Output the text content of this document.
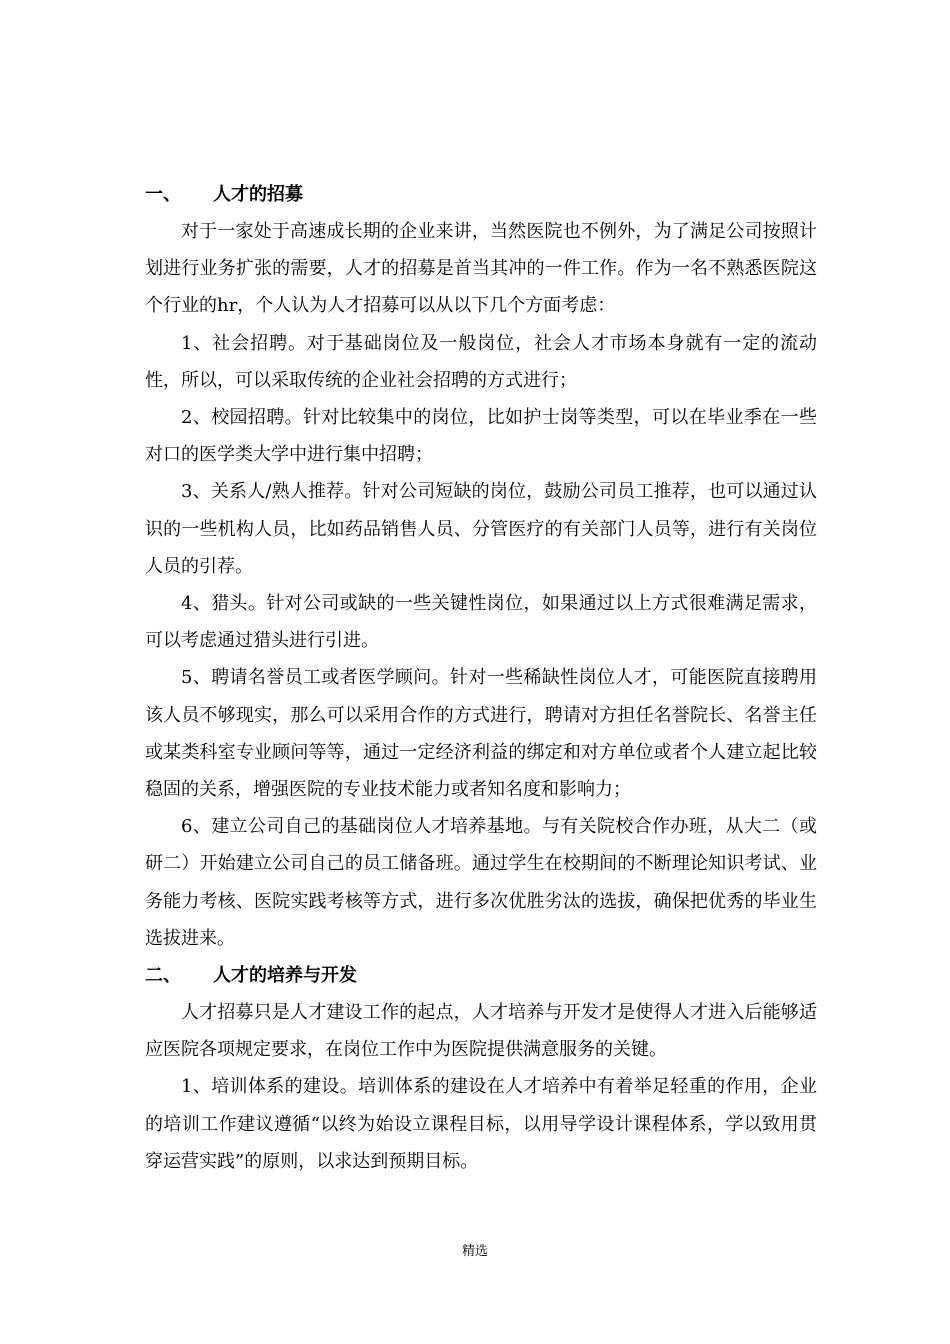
一、 人才的招募

对于一家处于高速成长期的企业来讲，当然医院也不例外，为了满足公司按照计划进行业务扩张的需要，人才的招募是首当其冲的一件工作。作为一名不熟悉医院这个行业的hr，个人认为人才招募可以从以下几个方面考虑：

1、社会招聘。对于基础岗位及一般岗位，社会人才市场本身就有一定的流动性，所以，可以采取传统的企业社会招聘的方式进行；

2、校园招聘。针对比较集中的岗位，比如护士岗等类型，可以在毕业季在一些对口的医学类大学中进行集中招聘；

3、关系人/熟人推荐。针对公司短缺的岗位，鼓励公司员工推荐，也可以通过认识的一些机构人员，比如药品销售人员、分管医疗的有关部门人员等，进行有关岗位人员的引荐。

4、猎头。针对公司或缺的一些关键性岗位，如果通过以上方式很难满足需求，可以考虑通过猎头进行引进。

5、聘请名誉员工或者医学顾问。针对一些稀缺性岗位人才，可能医院直接聘用该人员不够现实，那么可以采用合作的方式进行，聘请对方担任名誉院长、名誉主任或某类科室专业顾问等等，通过一定经济利益的绑定和对方单位或者个人建立起比较稳固的关系，增强医院的专业技术能力或者知名度和影响力；

6、建立公司自己的基础岗位人才培养基地。与有关院校合作办班，从大二（或研二）开始建立公司自己的员工储备班。通过学生在校期间的不断理论知识考试、业务能力考核、医院实践考核等方式，进行多次优胜劣汰的选拔，确保把优秀的毕业生选拔进来。

二、 人才的培养与开发

人才招募只是人才建设工作的起点，人才培养与开发才是使得人才进入后能够适应医院各项规定要求，在岗位工作中为医院提供满意服务的关键。

1、培训体系的建设。培训体系的建设在人才培养中有着举足轻重的作用，企业的培训工作建议遵循“以终为始设立课程目标，以用导学设计课程体系，学以致用贯穿运营实践”的原则，以求达到预期目标。

精选
